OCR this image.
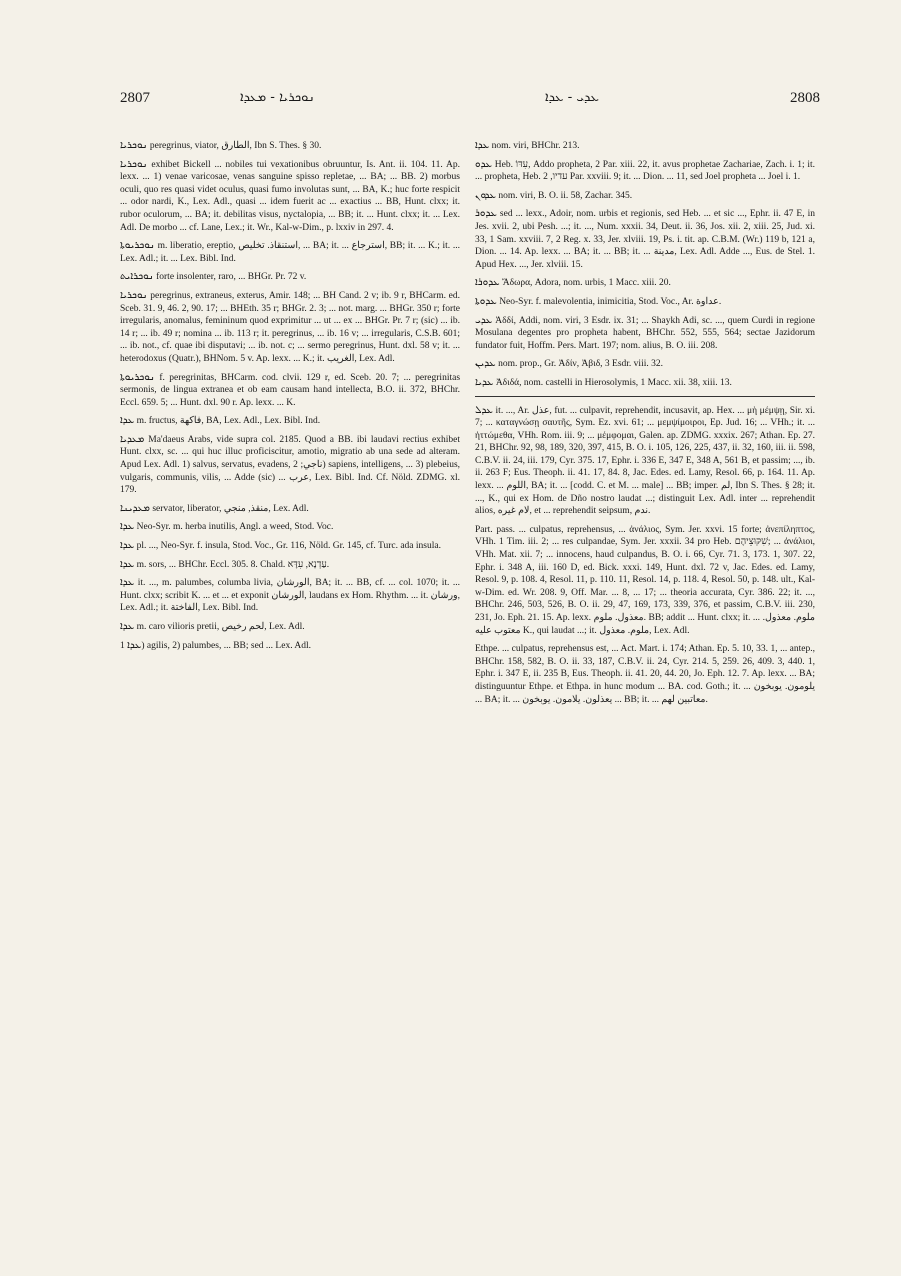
2807	ܢܘܟܪܝܐ - ܡܥܕܐ	ܥܕܝ - ܥܕܐ	2808

ܢܘܟܪܝܐ peregrinus, viator, الطارق, Ibn S. Thes. § 30.

ܢܘܟܪܝܐ exhibet Bickell ... nobiles tui vexationibus obruuntur, Is. Ant. ii. 104. 11. Ap. lexx. ... 1) venae varicosae, venas sanguine spisso repletae, ... BA; ... BB. 2) morbus oculi, quo res quasi videt oculus, quasi fumo involutas sunt, ... BA, K.; huc forte respicit ... odor nardi, K., Lex. Adl., quasi ... idem fuerit ac ... exactius ... BB, Hunt. clxx; it. rubor oculorum, ... BA; it. debilitas visus, nyctalopia, ... BB; it. ... Hunt. clxx; it. ... Lex. Adl. De morbo ... cf. Lane, Lex.; it. Wr., Kal-w-Dim., p. lxxiv in 297. 4.

ܢܘܟܪܝܘܬܐ m. liberatio, ereptio, استنقاذ. تخليص, ... BA; it. ... استرجاع, BB; it. ... K.; it. ... Lex. Adl.; it. ... Lex. Bibl. Ind.

ܢܘܟܪܐܝܬ forte insolenter, raro, ... BHGr. Pr. 72 v.

ܢܘܟܪܝܐ peregrinus, extraneus, exterus, Amir. 148; ... BH Cand. 2 v; ib. 9 r, BHCarm. ed. Sceb. 31. 9, 46. 2, 90. 17; ... BHEth. 35 r; BHGr. 2. 3; ... not. marg. ... BHGr. 350 r; forte irregularis, anomalus, femininum quod exprimitur ... ut ... ex ... BHGr. Pr. 7 r; (sic) ... ib. 14 r; ... ib. 49 r; nomina ... ib. 113 r; it. peregrinus, ... ib. 16 v; ... irregularis, C.S.B. 601; ... ib. not., cf. quae ibi disputavi; ... ib. not. c; ... sermo peregrinus, Hunt. dxl. 58 v; it. ... heterodoxus (Quatr.), BHNom. 5 v. Ap. lexx. ... K.; it. الغريب, Lex. Adl.

ܢܘܟܪܝܘܬܐ f. peregrinitas, BHCarm. cod. clvii. 129 r, ed. Sceb. 20. 7; ... peregrinitas sermonis, de lingua extranea et ob eam causam hand intellecta, B.O. ii. 372, BHChr. Eccl. 659. 5; ... Hunt. dxl. 90 r. Ap. lexx. ... K.

ܥܕܐ m. fructus, فاكهة, BA, Lex. Adl., Lex. Bibl. Ind.

ܡܥܕܝܐ Ma'daeus Arabs, vide supra col. 2185. Quod a BB. ibi laudavi rectius exhibet Hunt. clxx, sc. ... qui huc illuc proficiscitur, amotio, migratio ab una sede ad alteram. Apud Lex. Adl. 1) salvus, servatus, evadens, ناجي; 2) sapiens, intelligens, ... 3) plebeius, vulgaris, communis, vilis, ... Adde (sic) ... عرب, Lex. Bibl. Ind. Cf. Nöld. ZDMG. xl. 179.

ܡܥܕܝܢܐ servator, liberator, منقذ, منجي, Lex. Adl.

ܥܕܐ Neo-Syr. m. herba inutilis, Angl. a weed, Stod. Voc.

ܥܕܐ pl. ..., Neo-Syr. f. insula, Stod. Voc., Gr. 116, Nöld. Gr. 145, cf. Turc. ada insula.

ܥܕܐ m. sors, ... BHChr. Eccl. 305. 8. Chald. עַדְנָא, עִדָּא.

ܥܕܐ it. ..., m. palumbes, columba livia, الورشان, BA; it. ... BB, cf. ... col. 1070; it. ... Hunt. clxx; scribit K. ... et ... et exponit الورشان, laudans ex Hom. Rhythm. ... it. ورشان, Lex. Adl.; it. الفاختة, Lex. Bibl. Ind.

ܥܕܐ m. caro vilioris pretii, لحم رخيص, Lex. Adl.

ܥܕܐ 1) agilis, 2) palumbes, ... BB; sed ... Lex. Adl.

ܥܕܐ nom. viri, BHChr. 213.

ܥܕܘ Heb. עִדּוֹ, Addo propheta, 2 Par. xiii. 22, it. avus prophetae Zachariae, Zach. i. 1; it. ... propheta, Heb. עדיו, 2 Par. xxviii. 9; it. ... Dion. ... 11, sed Joel propheta ... Joel i. 1.

ܥܕܘܢ nom. viri, B. O. ii. 58, Zachar. 345.

ܥܕܘܪ sed ... lexx., Adoir, nom. urbis et regionis, sed Heb. ... et sic ..., Ephr. ii. 47 E, in Jes. xvii. 2, ubi Pesh. ...; it. ..., Num. xxxii. 34, Deut. ii. 36, Jos. xii. 2, xiii. 25, Jud. xi. 33, 1 Sam. xxviii. 7, 2 Reg. x. 33, Jer. xlviii. 19, Ps. i. tit. ap. C.B.M. (Wr.) 119 b, 121 a, Dion. ... 14. Ap. lexx. ... BA; it. ... BB; it. ... مدينة, Lex. Adl. Adde ..., Eus. de Stel. 1. Apud Hex. ..., Jer. xlviii. 15.

ܥܕܘܪܐ Ἄδωρα, Adora, nom. urbis, 1 Macc. xiii. 20.

ܥܕܘܬܐ Neo-Syr. f. malevolentia, inimicitia, Stod. Voc., Ar. عداوة.

ܥܕܝ Ἀδδί, Addi, nom. viri, 3 Esdr. ix. 31; ... Shaykh Adi, sc. ..., quem Curdi in regione Mosulana degentes pro propheta habent, BHChr. 552, 555, 564; sectae Jazidorum fundator fuit, Hoffm. Pers. Mart. 197; nom. alius, B. O. iii. 208.

ܥܕܝܢ nom. prop., Gr. Ἀδίν, Ἀβιδ, 3 Esdr. viii. 32.

ܥܕܝܐ Ἀδιδά, nom. castelli in Hierosolymis, 1 Macc. xii. 38, xiii. 13.

ܥܕܠ it. ..., Ar. عذل, fut. ... culpavit, reprehendit, incusavit, ap. Hex. ... μὴ μέμψῃ, Sir. xi. 7; ... καταγνώσῃ σαυτῆς, Sym. Ez. xvi. 61; ... μεμψίμοιροι, Ep. Jud. 16; ... VHh.; it. ... ἡττώμεθα, VHh. Rom. iii. 9; ... μέμφομαι, Galen. ap. ZDMG. xxxix. 267; Athan. Ep. 27. 21, BHChr. 92, 98, 189, 320, 397, 415, B. O. i. 105, 126, 225, 437, ii. 32, 160, iii. ii. 598, C.B.V. ii. 24, iii. 179, Cyr. 375. 17, Ephr. i. 336 E, 347 E, 348 A, 561 B, et passim; ..., ib. ii. 263 F; Eus. Theoph. ii. 41. 17, 84. 8, Jac. Edes. ed. Lamy, Resol. 66, p. 164. 11. Ap. lexx. ... اللوم, BA; it. ... [codd. C. et M. ... male] ... BB; imper. لم, Ibn S. Thes. § 28; it. ..., K., qui ex Hom. de Dño nostro laudat ...; distinguit Lex. Adl. inter ... reprehendit alios, لام غيره, et ... reprehendit seipsum, ندم.

Part. pass. ... culpatus, reprehensus, ... ἀνάλιος, Sym. Jer. xxvi. 15 forte; ἀνεπίληπτος, VHh. 1 Tim. iii. 2; ... res culpandae, Sym. Jer. xxxii. 34 pro Heb. שִׁקּוּצֵיהֶם; ... ἀνάλιοι, VHh. Mat. xii. 7; ... innocens, haud culpandus, B. O. i. 66, Cyr. 71. 3, 173. 1, 307. 22, Ephr. i. 348 A, iii. 160 D, ed. Bick. xxxi. 149, Hunt. dxl. 72 v, Jac. Edes. ed. Lamy, Resol. 9, p. 108. 4, Resol. 11, p. 110. 11, Resol. 14, p. 118. 4, Resol. 50, p. 148. ult., Kal-w-Dim. ed. Wr. 208. 9, Off. Mar. ... 8, ... 17; ... theoria accurata, Cyr. 386. 22; it. ..., BHChr. 246, 503, 526, B. O. ii. 29, 47, 169, 173, 339, 376, et passim, C.B.V. iii. 230, 231, Jo. Eph. 21. 15. Ap. lexx. معذول. ملوم. BB; addit ... Hunt. clxx; it. ... ملوم. معذول. معتوب عليه K., qui laudat ...; it. ملوم. معذول, Lex. Adl.

Ethpe. ... culpatus, reprehensus est, ... Act. Mart. i. 174; Athan. Ep. 5. 10, 33. 1, ... antep., BHChr. 158, 582, B. O. ii. 33, 187, C.B.V. ii. 24, Cyr. 214. 5, 259. 26, 409. 3, 440. 1, Ephr. i. 347 E, ii. 235 B, Eus. Theoph. ii. 41. 20, 44. 20, Jo. Eph. 12. 7. Ap. lexx. ... BA; distinguuntur Ethpe. et Ethpa. in hunc modum ... BA. cod. Goth.; it. ... يلومون. يوبخون ... BA; it. ... يعذلون. يلامون. يوبخون ... BB; it. ... معاتبين لهم.
